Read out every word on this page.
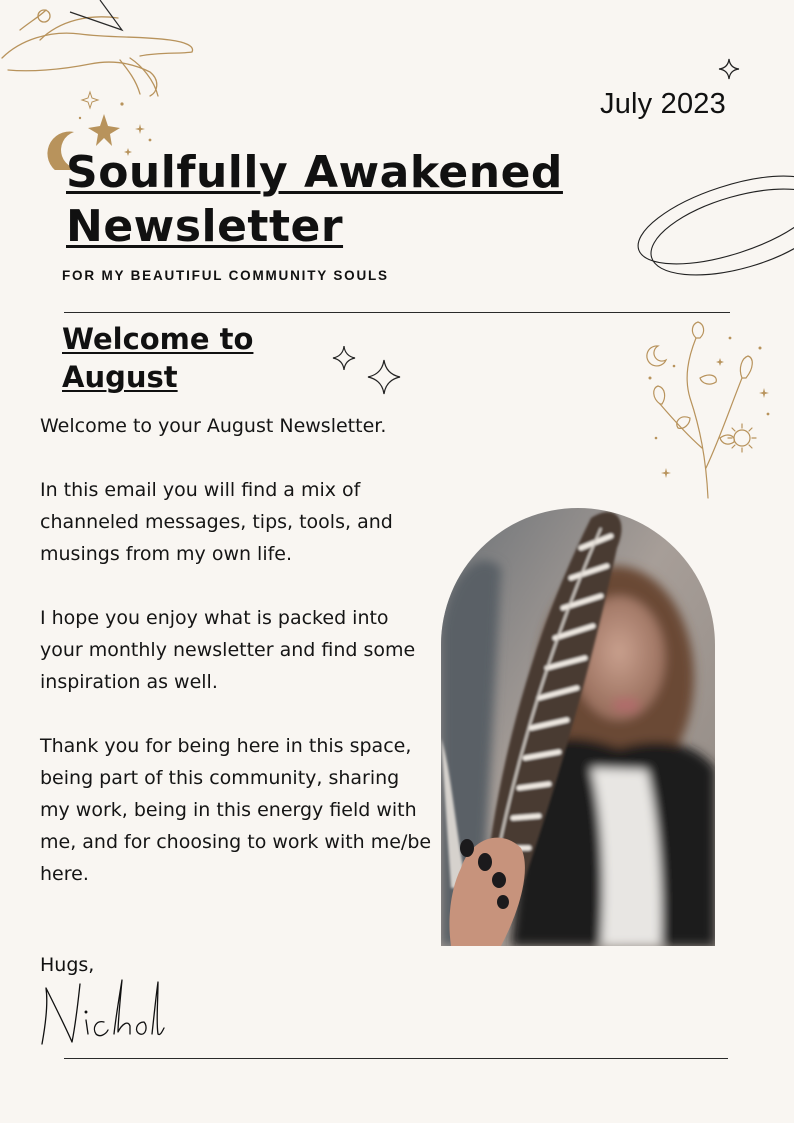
July 2023
Soulfully Awakened Newsletter
FOR MY BEAUTIFUL COMMUNITY SOULS
Welcome to August

Welcome to your August Newsletter.

In this email you will find a mix of channeled messages, tips, tools, and musings from my own life.

I hope you enjoy what is packed into your monthly newsletter and find some inspiration as well.

Thank you for being here in this space, being part of this community, sharing my work, being in this energy field with me, and for choosing to work with me/be here.

Hugs,
